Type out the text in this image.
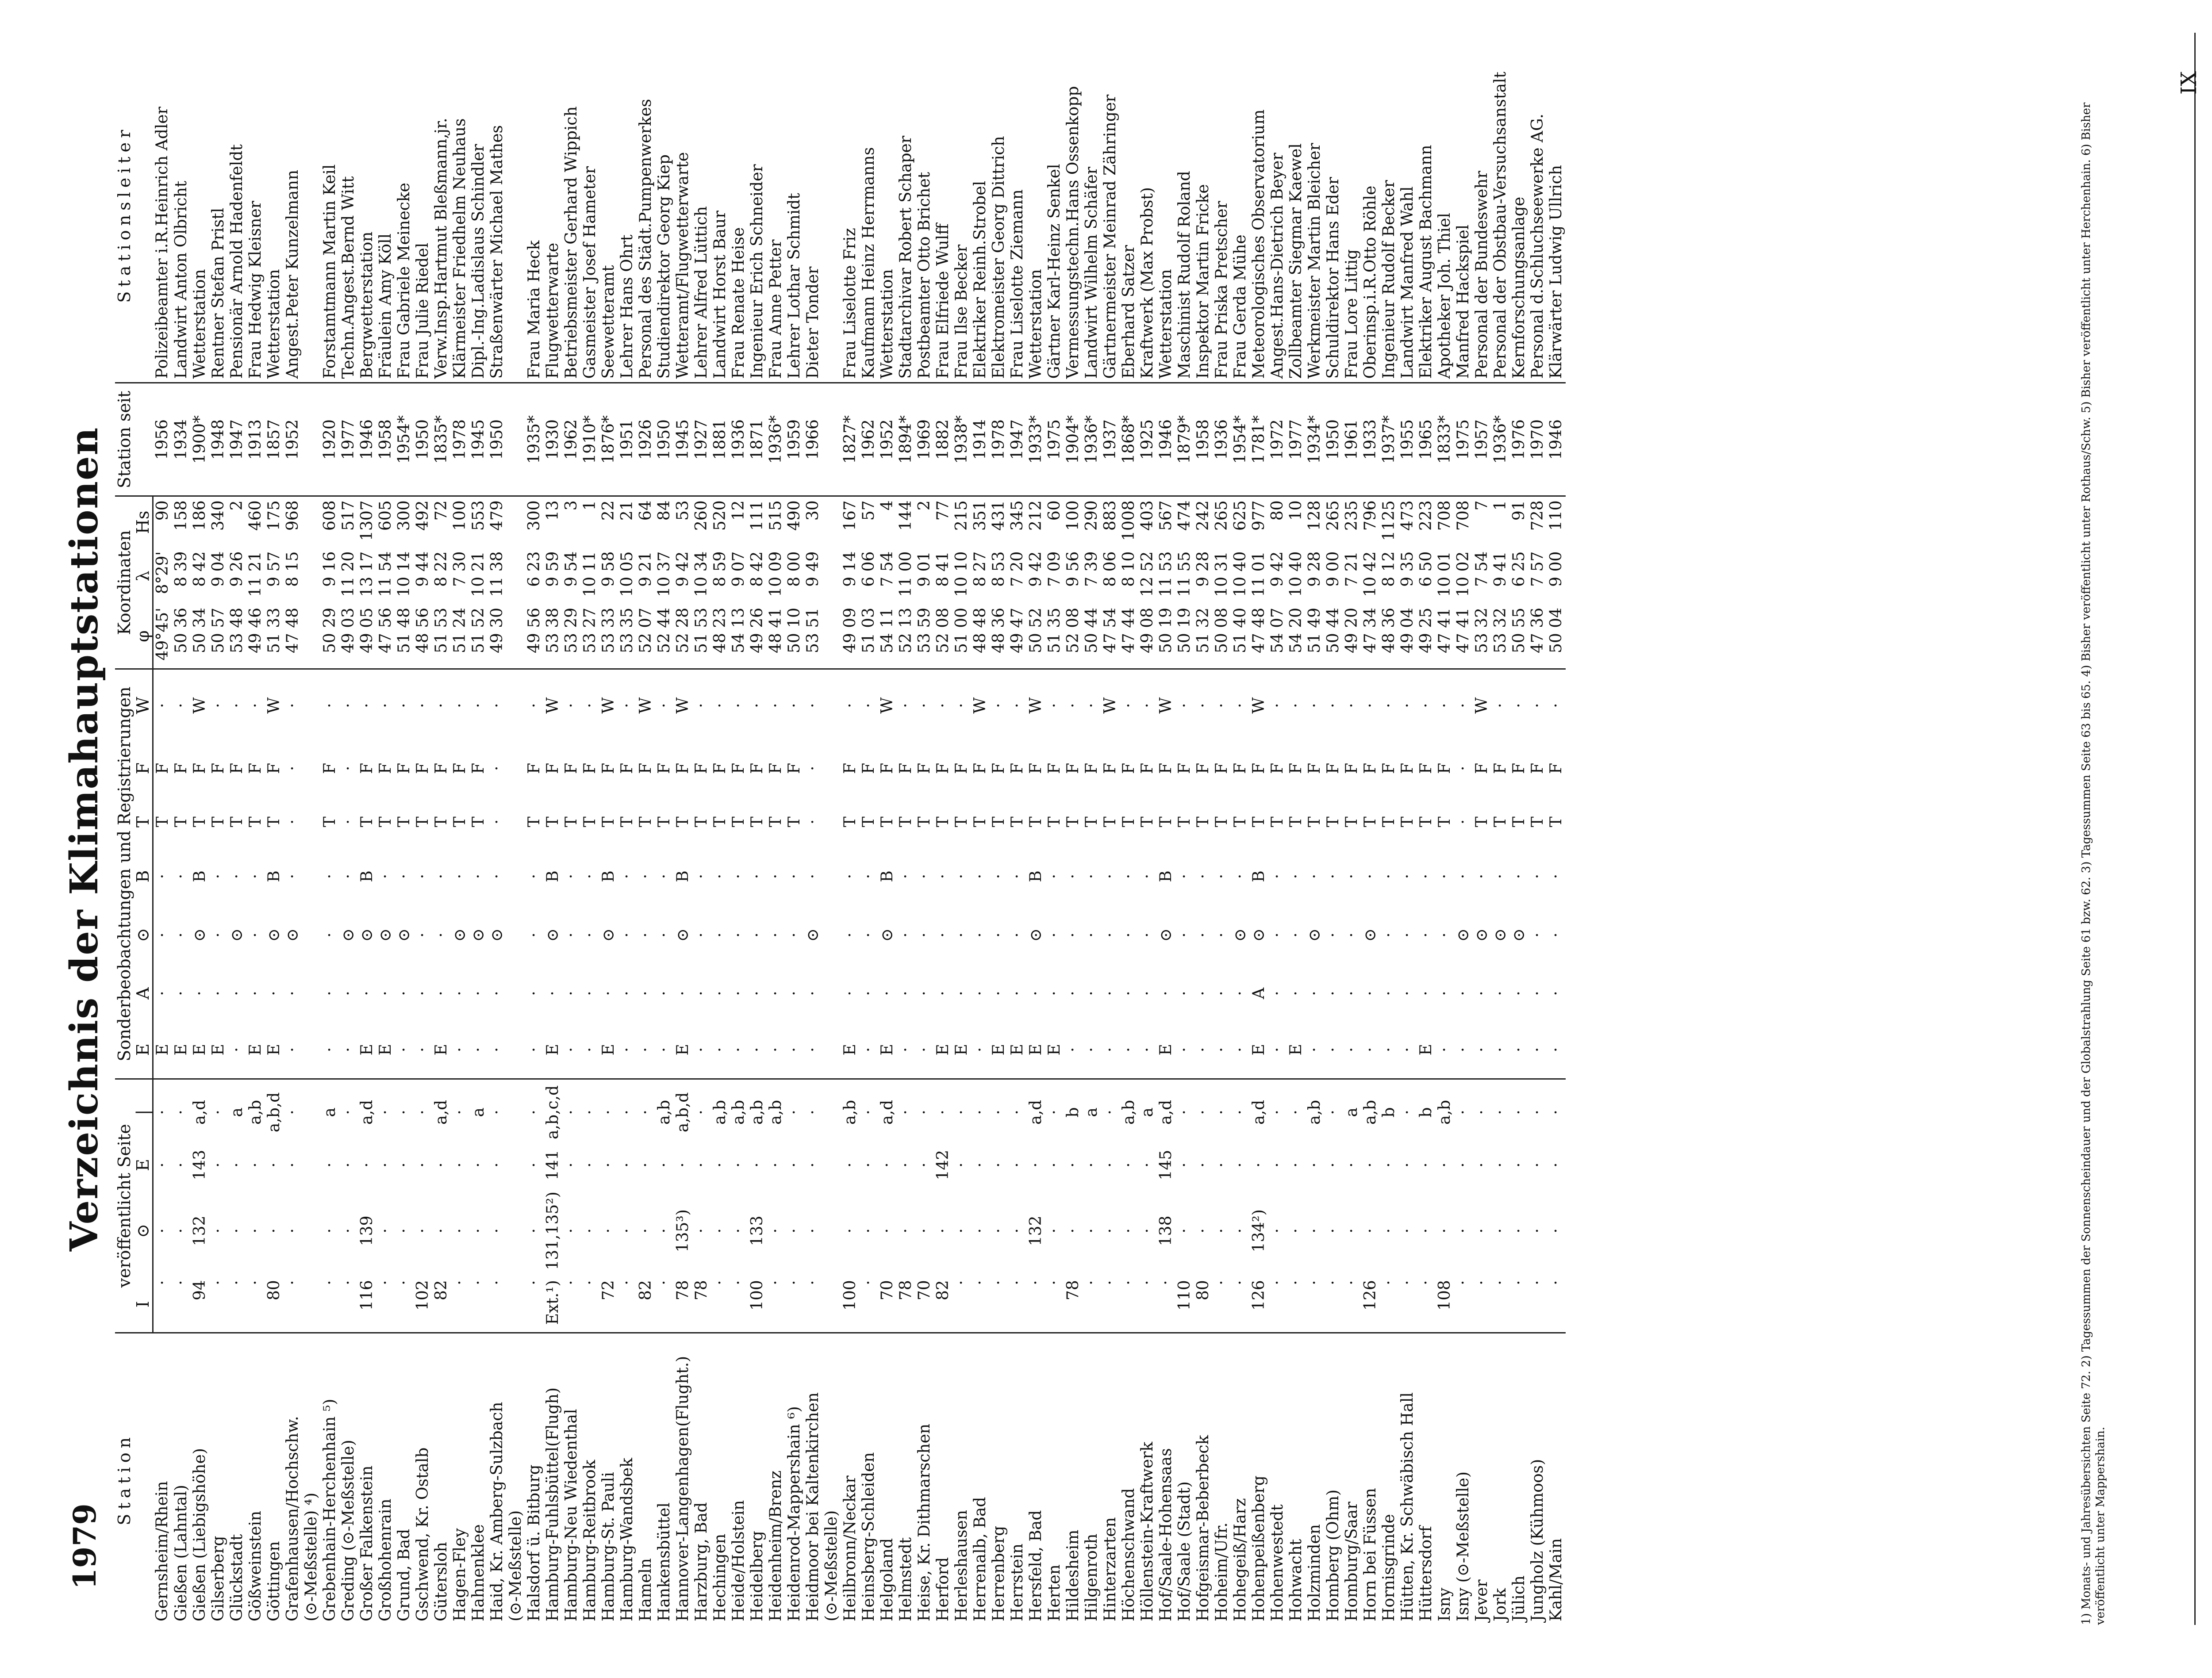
1979
Verzeichnis der Klimahauptstationen
Station	veröffentlicht Seite				Sonderbeobachtungen und Registrierungen							Koordinaten			Station seit	Stationsleiter
	I	⊙	E	|	E	A	⊙	B	T	F	W	φ	λ	Hs		
Gernsheim/Rhein	·	·	·	·	E	·	·	·	T	F	·	49°45'	8°29'	90	1956	Polizeibeamter i.R.Heinrich Adler
Gießen (Lahntal)	·	·	·	·	E	·	·	·	T	F	·	50 36	8 39	158	1934	Landwirt Anton Olbricht
Gießen (Liebigshöhe)	94	132	143	a,d	E	·	⊙	B	T	F	W	50 34	8 42	186	1900*	Wetterstation
Gilserberg	·	·	·	·	E	·	·	·	T	F	·	50 57	9 04	340	1948	Rentner Stefan Pristl
Glückstadt	·	·	·	a	·	·	⊙	·	T	F	·	53 48	9 26	2	1947	Pensionär Arnold Hadenfeldt
Gößweinstein	·	·	·	a,b	E	·	·	·	T	F	·	49 46	11 21	460	1913	Frau Hedwig Kleisner
Göttingen	80	·	·	a,b,d	E	·	⊙	B	T	F	W	51 33	9 57	175	1857	Wetterstation
Grafenhausen/Hochschw.	·	·	·	·	·	·	⊙	·	·	·	·	47 48	8 15	968	1952	Angest.Peter Kunzelmann
(⊙-Meßstelle) ⁴)																
Grebenhain-Herchenhain ⁵)	·	·	·	a	·	·	·	·	T	F	·	50 29	9 16	608	1920	Forstamtmann Martin Keil
Greding (⊙-Meßstelle)	·	·	·	·	·	·	⊙	·	·	·	·	49 03	11 20	517	1977	Techn.Angest.Bernd Witt
Großer Falkenstein	116	139	·	a,d	E	·	⊙	B	T	F	·	49 05	13 17	1307	1946	Bergwetterstation
Großhohenrain	·	·	·	·	E	·	⊙	·	T	F	·	47 56	11 54	605	1958	Fräulein Amy Köll
Grund, Bad	·	·	·	·	·	·	⊙	·	T	F	·	51 48	10 14	300	1954*	Frau Gabriele Meinecke
Gschwend, Kr. Ostalb	102	·	·	·	·	·	·	·	T	F	·	48 56	9 44	492	1950	Frau Julie Riedel
Gütersloh	82	·	·	a,d	E	·	·	·	T	F	·	51 53	8 22	72	1835*	Verw.Insp.Hartmut Bleßmann,jr.
Hagen-Fley	·	·	·	·	·	·	⊙	·	T	F	·	51 24	7 30	100	1978	Klärmeister Friedhelm Neuhaus
Hahnenklee	·	·	·	a	·	·	⊙	·	T	F	·	51 52	10 21	553	1945	Dipl.-Ing.Ladislaus Schindler
Haid, Kr. Amberg-Sulzbach	·	·	·	·	·	·	⊙	·	·	·	·	49 30	11 38	479	1950	Straßenwärter Michael Mathes
(⊙-Meßstelle)																
Halsdorf ü. Bitburg	·	·	·	·	·	·	·	·	T	F	·	49 56	6 23	300	1935*	Frau Maria Heck
Hamburg-Fuhlsbüttel(Flugh)	Ext.¹)	131,135²)	141	a,b,c,d	E	·	⊙	B	T	F	W	53 38	9 59	13	1930	Flugwetterwarte
Hamburg-Neu Wiedenthal	·	·	·	·	·	·	·	·	T	F	·	53 29	9 54	3	1962	Betriebsmeister Gerhard Wippich
Hamburg-Reitbrook	·	·	·	·	·	·	·	·	T	F	·	53 27	10 11	1	1910*	Gasmeister Josef Hameter
Hamburg-St. Pauli	72	·	·	·	E	·	⊙	B	T	F	W	53 33	9 58	22	1876*	Seewetteramt
Hamburg-Wandsbek	·	·	·	·	·	·	·	·	T	F	·	53 35	10 05	21	1951	Lehrer Hans Ohrt
Hameln	82	·	·	·	·	·	·	·	T	F	W	52 07	9 21	64	1926	Personal des Städt.Pumpenwerkes
Hankensbüttel	·	·	·	a,b	·	·	·	·	T	F	·	52 44	10 37	84	1950	Studiendirektor Georg Kiep
Hannover-Langenhagen(Flught.)	78	135³)	·	a,b,d	E	·	⊙	B	T	F	W	52 28	9 42	53	1945	Wetteramt/Flugwetterwarte
Harzburg, Bad	78	·	·	·	·	·	·	·	T	F	·	51 53	10 34	260	1927	Lehrer Alfred Lüttich
Hechingen	·	·	·	a,b	·	·	·	·	T	F	·	48 23	8 59	520	1881	Landwirt Horst Baur
Heide/Holstein	·	·	·	a,b	·	·	·	·	T	F	·	54 13	9 07	12	1936	Frau Renate Heise
Heidelberg	100	133	·	a,b	·	·	·	·	T	F	·	49 26	8 42	111	1871	Ingenieur Erich Schneider
Heidenheim/Brenz	·	·	·	a,b	·	·	·	·	T	F	·	48 41	10 09	515	1936*	Frau Anne Petter
Heidenrod-Mappershain ⁶)	·	·	·	·	·	·	·	·	T	F	·	50 10	8 00	490	1959	Lehrer Lothar Schmidt
Heidmoor bei Kaltenkirchen	·	·	·	·	·	·	⊙	·	·	·	·	53 51	9 49	30	1966	Dieter Tonder
(⊙-Meßstelle)																
Heilbronn/Neckar	100	·	·	a,b	E	·	·	·	T	F	·	49 09	9 14	167	1827*	Frau Liselotte Friz
Heinsberg-Schleiden	·	·	·	·	·	·	·	·	T	F	·	51 03	6 06	57	1962	Kaufmann Heinz Herrmanns
Helgoland	70	·	·	a,d	E	·	⊙	B	T	F	W	54 11	7 54	4	1952	Wetterstation
Helmstedt	78	·	·	·	·	·	·	·	T	F	·	52 13	11 00	144	1894*	Stadtarchivar Robert Schaper
Heise, Kr. Dithmarschen	70	·	·	·	·	·	·	·	T	F	·	53 59	9 01	2	1969	Postbeamter Otto Brichet
Herford	82	·	142	·	E	·	·	·	T	F	·	52 08	8 41	77	1882	Frau Elfriede Wulff
Herleshausen	·	·	·	·	E	·	·	·	T	F	·	51 00	10 10	215	1938*	Frau Ilse Becker
Herrenalb, Bad	·	·	·	·	·	·	·	·	T	F	W	48 48	8 27	351	1914	Elektriker Reinh.Strobel
Herrenberg	·	·	·	·	E	·	·	·	T	F	·	48 36	8 53	431	1978	Elektromeister Georg Dittrich
Herrstein	·	·	·	·	E	·	·	·	T	F	·	49 47	7 20	345	1947	Frau Liselotte Ziemann
Hersfeld, Bad	·	132	·	a,d	E	·	⊙	B	T	F	W	50 52	9 42	212	1933*	Wetterstation
Herten	·	·	·	·	E	·	·	·	T	F	·	51 35	7 09	60	1975	Gärtner Karl-Heinz Senkel
Hildesheim	78	·	·	b	·	·	·	·	T	F	·	52 08	9 56	100	1904*	Vermessungstechn.Hans Ossenkopp
Hilgenroth	·	·	·	a	·	·	·	·	T	F	·	50 44	7 39	290	1936*	Landwirt Wilhelm Schäfer
Hinterzarten	·	·	·	·	·	·	·	·	T	F	W	47 54	8 06	883	1937	Gärtnermeister Meinrad Zähringer
Höchenschwand	·	·	·	a,b	·	·	·	·	T	F	·	47 44	8 10	1008	1868*	Eberhard Satzer
Höllenstein-Kraftwerk	·	·	·	a	·	·	·	·	T	F	·	49 08	12 52	403	1925	Kraftwerk (Max Probst)
Hof/Saale-Hohensaas	·	138	145	a,d	E	·	⊙	B	T	F	W	50 19	11 53	567	1946	Wetterstation
Hof/Saale (Stadt)	110	·	·	·	·	·	·	·	T	F	·	50 19	11 55	474	1879*	Maschinist Rudolf Roland
Hofgeismar-Beberbeck	80	·	·	·	·	·	·	·	T	F	·	51 32	9 28	242	1958	Inspektor Martin Fricke
Hoheim/Ufr.	·	·	·	·	·	·	·	·	T	F	·	50 08	10 31	265	1936	Frau Priska Pretscher
Hohegeiß/Harz	·	·	·	·	·	·	⊙	·	T	F	·	51 40	10 40	625	1954*	Frau Gerda Mühe
Hohenpeißenberg	126	134²)	·	a,d	E	A	⊙	B	T	F	W	47 48	11 01	977	1781*	Meteorologisches Observatorium
Hohenwestedt	·	·	·	·	·	·	·	·	T	F	·	54 07	9 42	80	1972	Angest.Hans-Dietrich Beyer
Hohwacht	·	·	·	·	E	·	·	·	T	F	·	54 20	10 40	10	1977	Zollbeamter Siegmar Kaewel
Holzminden	·	·	·	a,b	·	·	⊙	·	T	F	·	51 49	9 28	128	1934*	Werkmeister Martin Bleicher
Homberg (Ohm)	·	·	·	·	·	·	·	·	T	F	·	50 44	9 00	265	1950	Schuldirektor Hans Eder
Homburg/Saar	·	·	·	a	·	·	·	·	T	F	·	49 20	7 21	235	1961	Frau Lore Littig
Horn bei Füssen	126	·	·	a,b	·	·	⊙	·	T	F	·	47 34	10 42	796	1933	Oberinsp.i.R.Otto Röhle
Hornisgrinde	·	·	·	b	·	·	·	·	T	F	·	48 36	8 12	1125	1937*	Ingenieur Rudolf Becker
Hütten, Kr. Schwäbisch Hall	·	·	·	·	·	·	·	·	T	F	·	49 04	9 35	473	1955	Landwirt Manfred Wahl
Hüttersdorf	·	·	·	b	E	·	·	·	T	F	·	49 25	6 50	223	1965	Elektriker August Bachmann
Isny	108	·	·	a,b	·	·	·	·	T	F	·	47 41	10 01	708	1833*	Apotheker Joh. Thiel
Isny (⊙-Meßstelle)	·	·	·	·	·	·	⊙	·	·	·	·	47 41	10 02	708	1975	Manfred Hackspiel
Jever	·	·	·	·	·	·	⊙	·	T	F	W	53 32	7 54	7	1957	Personal der Bundeswehr
Jork	·	·	·	·	·	·	⊙	·	T	F	·	53 32	9 41	1	1936*	Personal der Obstbau-Versuchsanstalt
Jülich	·	·	·	·	·	·	⊙	·	T	F	·	50 55	6 25	91	1976	Kernforschungsanlage
Jungholz (Kühmoos)	·	·	·	·	·	·	·	·	T	F	·	47 36	7 57	728	1970	Personal d.Schluchseewerke AG.
Kahl/Main	·	·	·	·	·	·	·	·	T	F	·	50 04	9 00	110	1946	Klärwärter Ludwig Ullrich	1) Monats- und Jahresübersichten Seite 72. 2) Tagessummen der Sonnenscheindauer und der Globalstrahlung Seite 61 bzw. 62. 3) Tagessummen Seite 63 bis 65. 4) Bisher veröffentlicht unter Rothaus/Schw. 5) Bisher veröffentlicht unter Herchenhain. 6) Bisher veröffentlicht unter Mappershain.
IX
